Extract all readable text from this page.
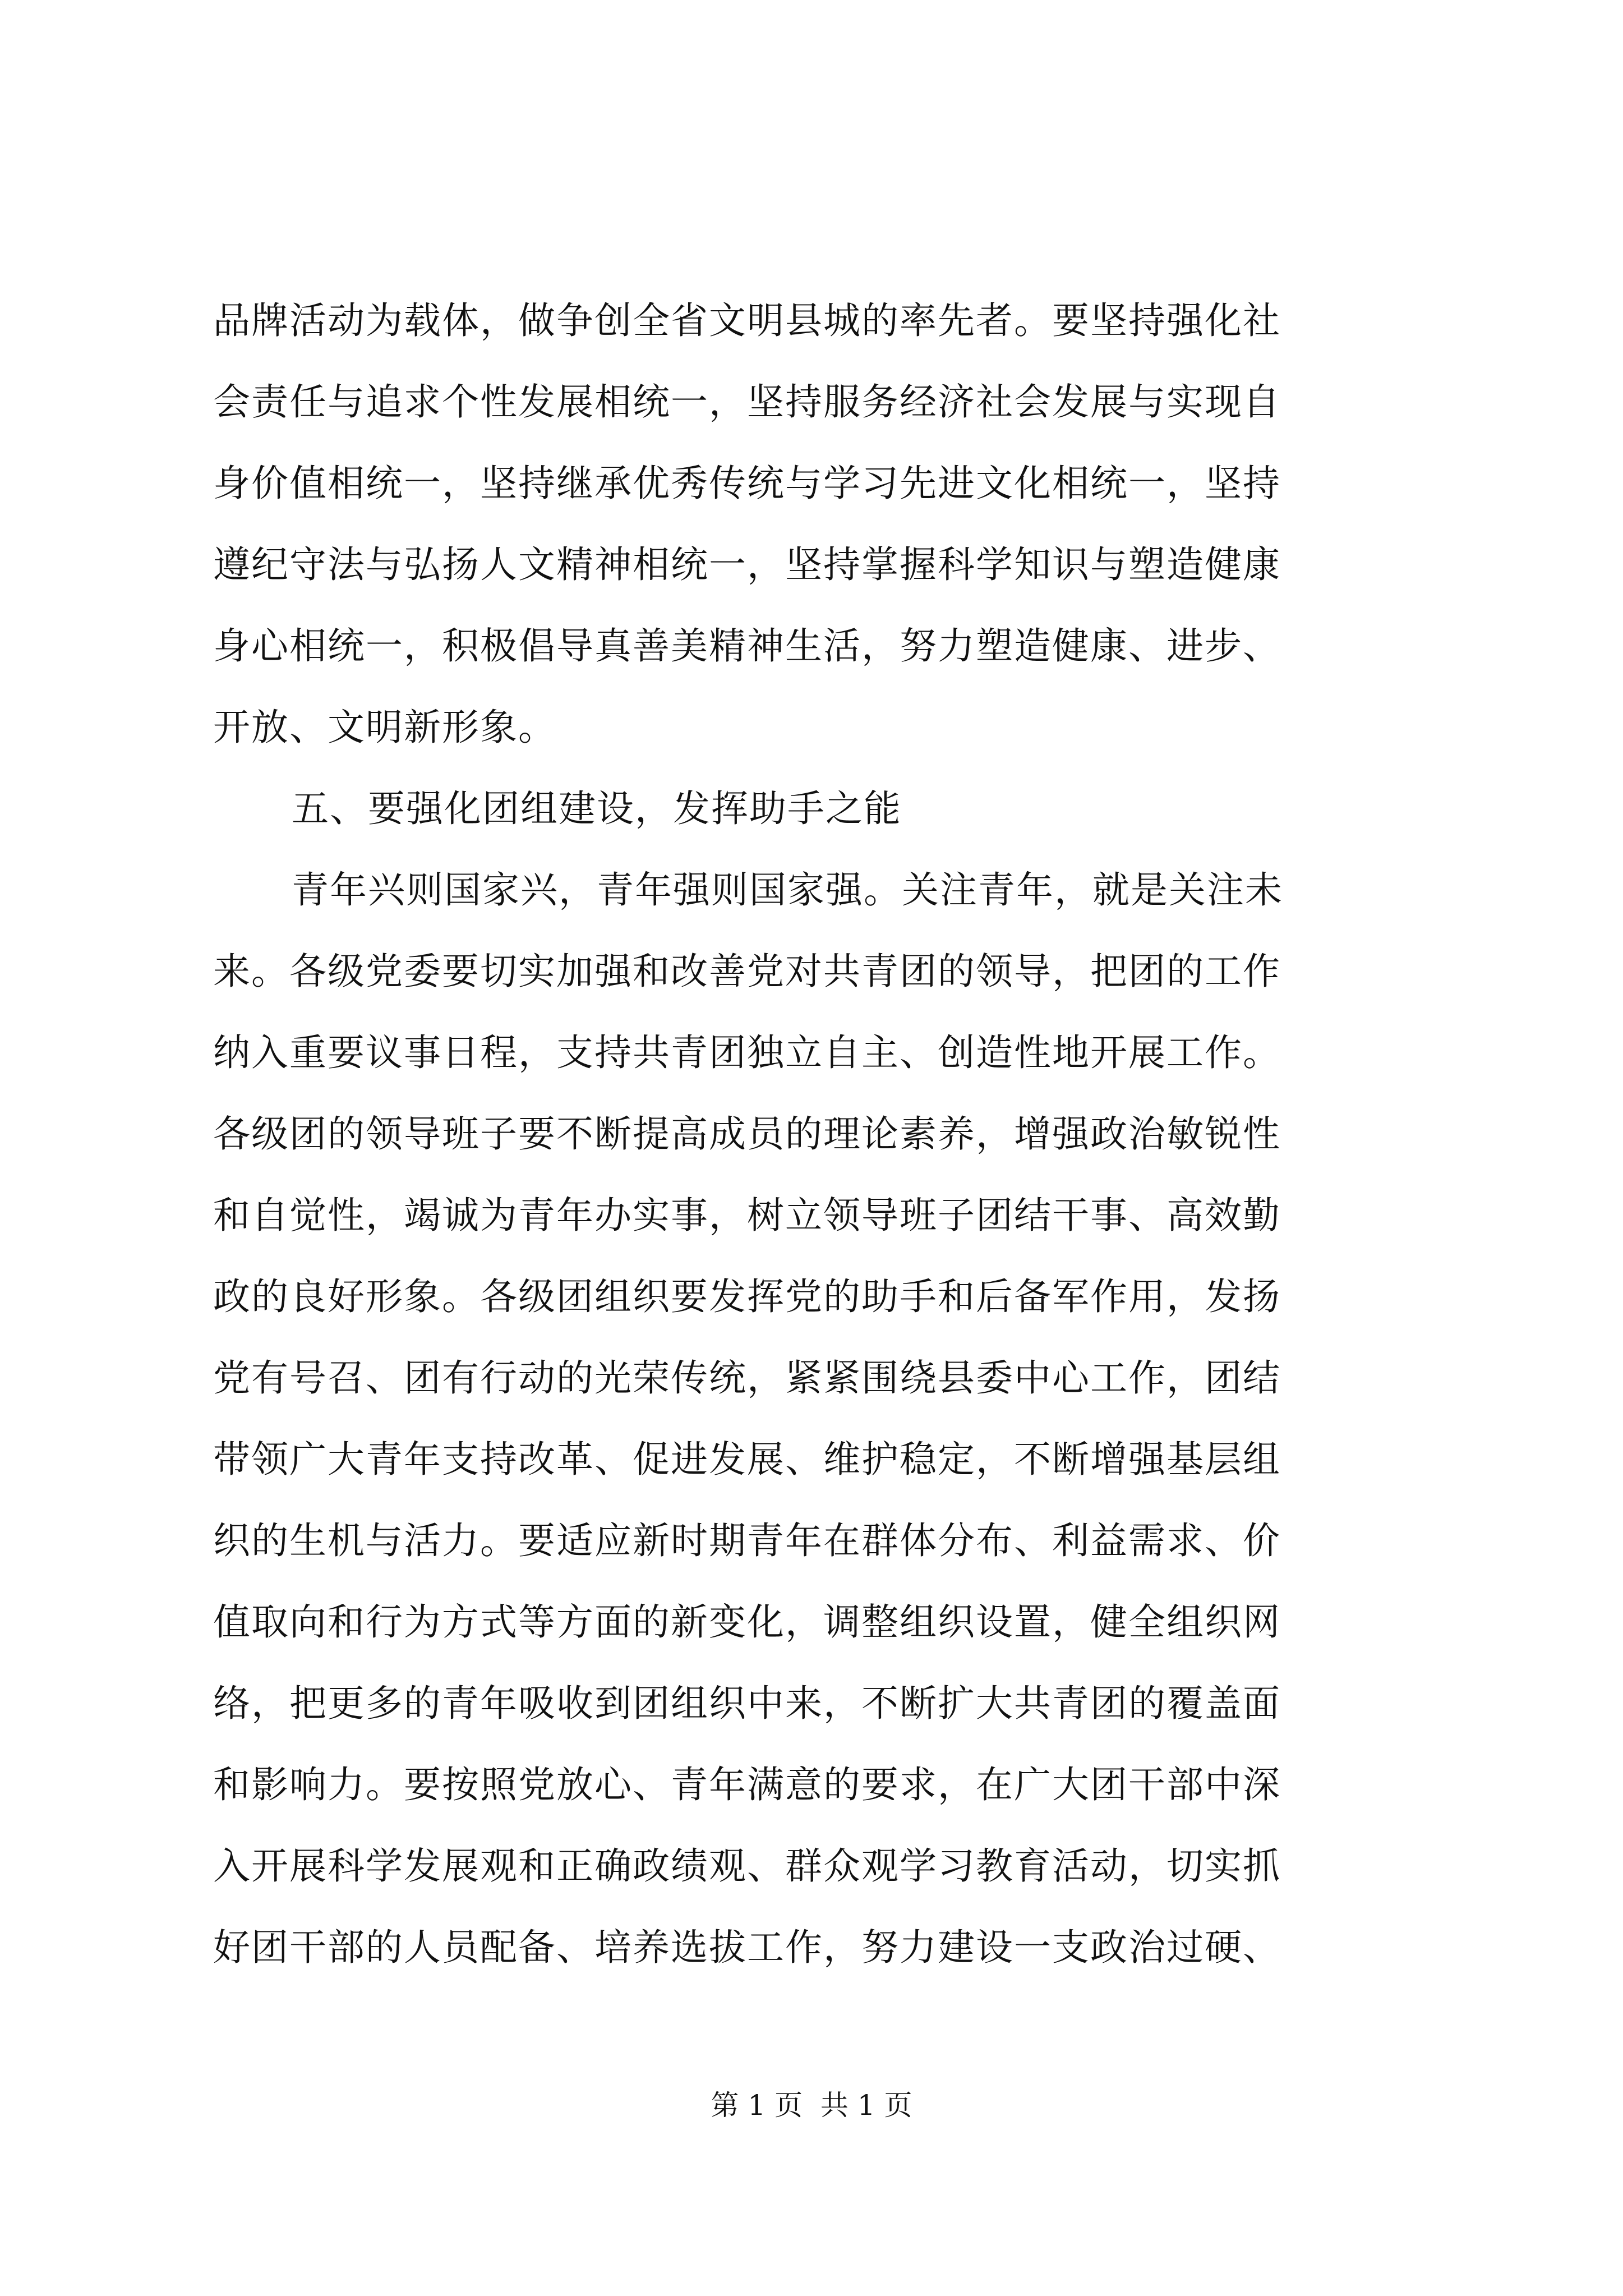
品牌活动为载体，做争创全省文明县城的率先者。要坚持强化社

会责任与追求个性发展相统一，坚持服务经济社会发展与实现自

身价值相统一，坚持继承优秀传统与学习先进文化相统一，坚持

遵纪守法与弘扬人文精神相统一，坚持掌握科学知识与塑造健康

身心相统一，积极倡导真善美精神生活，努力塑造健康、进步、

开放、文明新形象。

五、要强化团组建设，发挥助手之能

青年兴则国家兴，青年强则国家强。关注青年，就是关注未

来。各级党委要切实加强和改善党对共青团的领导，把团的工作

纳入重要议事日程，支持共青团独立自主、创造性地开展工作。

各级团的领导班子要不断提高成员的理论素养，增强政治敏锐性

和自觉性，竭诚为青年办实事，树立领导班子团结干事、高效勤

政的良好形象。各级团组织要发挥党的助手和后备军作用，发扬

党有号召、团有行动的光荣传统，紧紧围绕县委中心工作，团结

带领广大青年支持改革、促进发展、维护稳定，不断增强基层组

织的生机与活力。要适应新时期青年在群体分布、利益需求、价

值取向和行为方式等方面的新变化，调整组织设置，健全组织网

络，把更多的青年吸收到团组织中来，不断扩大共青团的覆盖面

和影响力。要按照党放心、青年满意的要求，在广大团干部中深

入开展科学发展观和正确政绩观、群众观学习教育活动，切实抓

好团干部的人员配备、培养选拔工作，努力建设一支政治过硬、

第 1 页  共 1 页
